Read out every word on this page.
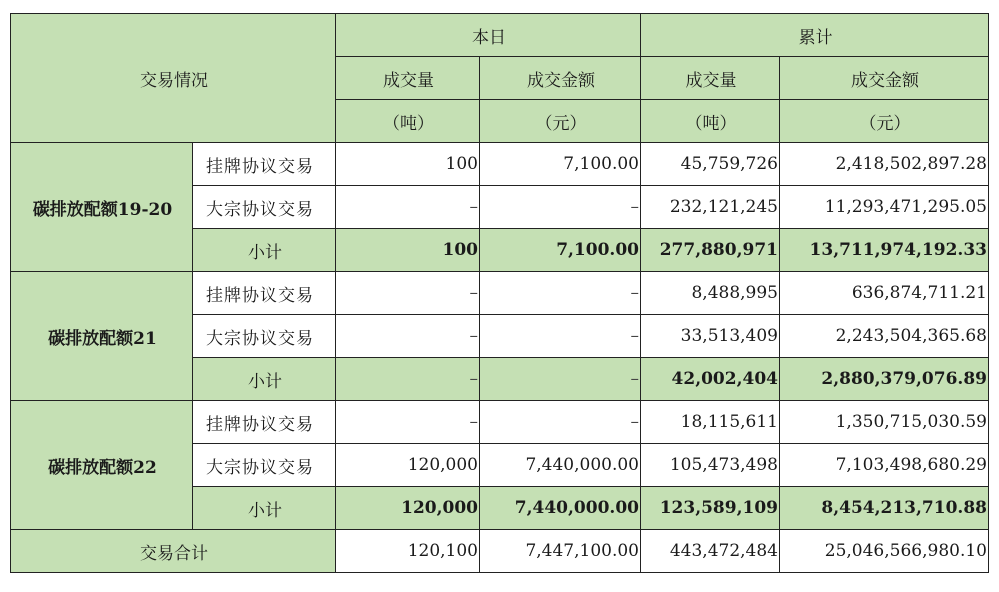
交易情况		本日		累计	
		成交量	成交金额	成交量	成交金额
		（吨）	（元）	（吨）	（元）
碳排放配额19-20	挂牌协议交易	100	7,100.00	45,759,726	2,418,502,897.28
	大宗协议交易	–	–	232,121,245	11,293,471,295.05
	小计	100	7,100.00	277,880,971	13,711,974,192.33
碳排放配额21	挂牌协议交易	–	–	8,488,995	636,874,711.21
	大宗协议交易	–	–	33,513,409	2,243,504,365.68
	小计	–	–	42,002,404	2,880,379,076.89
碳排放配额22	挂牌协议交易	–	–	18,115,611	1,350,715,030.59
	大宗协议交易	120,000	7,440,000.00	105,473,498	7,103,498,680.29
	小计	120,000	7,440,000.00	123,589,109	8,454,213,710.88
交易合计		120,100	7,447,100.00	443,472,484	25,046,566,980.10
